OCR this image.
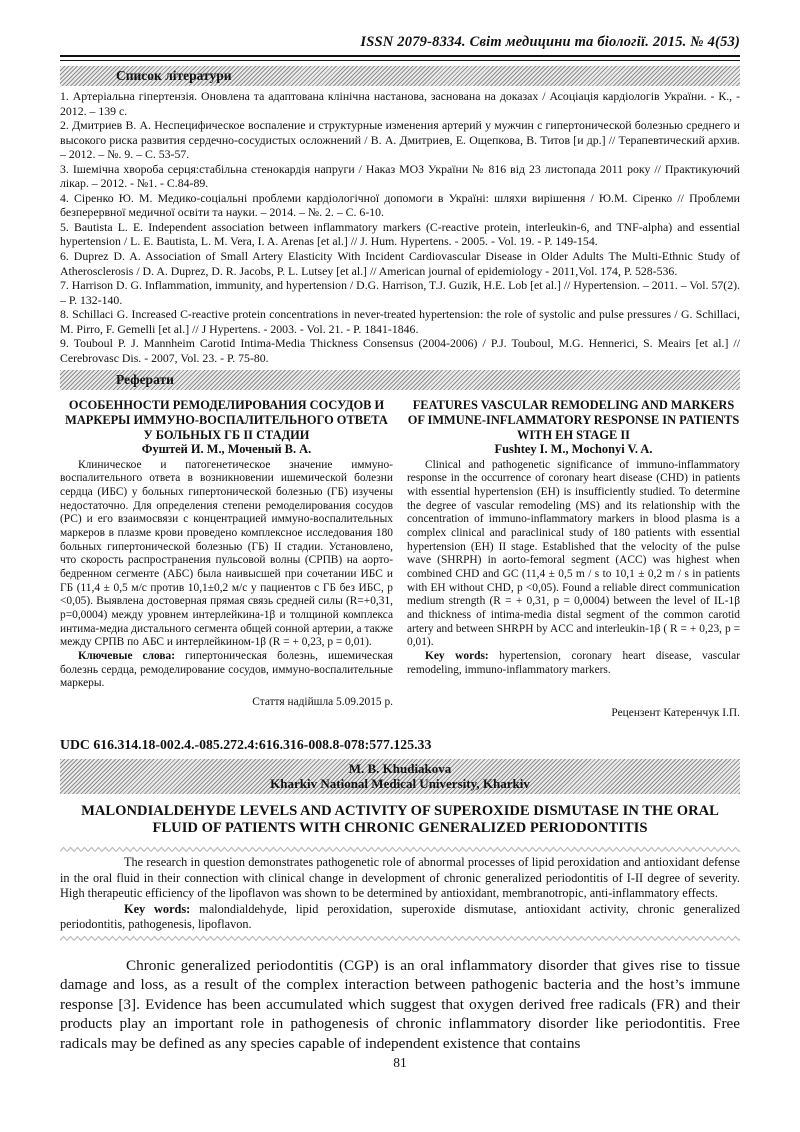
ISSN 2079-8334. Світ медицини та біології. 2015. № 4(53)
Список літератури

1. Артеріальна гіпертензія. Оновлена та адаптована клінічна настанова, заснована на доказах / Асоціація кардіологів України. - К., - 2012. – 139 с.

2. Дмитриев В. А. Неспецифическое воспаление и структурные изменения артерий у мужчин с гипертонической болезнью среднего и высокого риска развития сердечно-сосудистых осложнений / В. А. Дмитриев, Е. Ощепкова, В. Титов [и др.] // Терапевтический архив. – 2012. – №. 9. – С. 53-57.

3. Ішемічна хвороба серця:стабільна стенокардія напруги / Наказ МОЗ України № 816 від 23 листопада 2011 року // Практикуючий лікар. – 2012. - №1. - С.84-89.

4. Сіренко Ю. М. Медико-соціальні проблеми кардіологічної допомоги в Україні: шляхи вирішення / Ю.М. Сіренко // Проблеми безперервної медичної освіти та науки. – 2014. – №. 2. – С. 6-10.

5. Bautista L. E. Independent association between inflammatory markers (C-reactive protein, interleukin-6, and TNF-alpha) and essential hypertension / L. E. Bautista, L. M. Vera, I. A. Arenas [et al.] // J. Hum. Hypertens. - 2005. - Vol. 19. - P. 149-154.

6. Duprez D. A. Association of Small Artery Elasticity With Incident Cardiovascular Disease in Older Adults The Multi-Ethnic Study of Atherosclerosis / D. A. Duprez, D. R. Jacobs, P. L. Lutsey [et al.] // American journal of epidemiology - 2011,Vol. 174, P. 528-536.

7. Harrison D. G. Inflammation, immunity, and hypertension / D.G. Harrison, T.J. Guzik, H.E. Lob [et al.] // Hypertension. – 2011. – Vol. 57(2). – P. 132-140.

8. Schillaci G. Increased C-reactive protein concentrations in never-treated hypertension: the role of systolic and pulse pressures / G. Schillaci, M. Pirro, F. Gemelli [et al.] // J Hypertens. - 2003. - Vol. 21. - P. 1841-1846.

9. Touboul P. J. Mannheim Carotid Intima-Media Thickness Consensus (2004-2006) / P.J. Touboul, M.G. Hennerici, S. Meairs [et al.] // Cerebrovasc Dis. - 2007, Vol. 23. - P. 75-80.

Реферати
ОСОБЕННОСТИ РЕМОДЕЛИРОВАНИЯ СОСУДОВ И МАРКЕРЫ ИММУНО-ВОСПАЛИТЕЛЬНОГО ОТВЕТА У БОЛЬНЫХ ГБ II СТАДИИ
Фуштей И. М., Моченый В. А.
Клиническое и патогенетическое значение иммуно-воспалительного ответа в возникновении ишемической болезни сердца (ИБС) у больных гипертонической болезнью (ГБ) изучены недостаточно. Для определения степени ремоделирования сосудов (РС) и его взаимосвязи с концентрацией иммуно-воспалительных маркеров в плазме крови проведено комплексное исследования 180 больных гипертонической болезнью (ГБ) II стадии. Установлено, что скорость распространения пульсовой волны (СРПВ) на аорто-бедренном сегменте (АБС) была наивысшей при сочетании ИБС и ГБ (11,4 ± 0,5 м/с против 10,1±0,2 м/с у пациентов с ГБ без ИБС, p <0,05). Выявлена достоверная прямая связь средней силы (R=+0,31, p=0,0004) между уровнем интерлейкина-1β и толщиной комплекса интима-медиа дистального сегмента общей сонной артерии, а также между СРПВ по АБС и интерлейкином-1β (R = + 0,23, p = 0,01).
Ключевые слова: гипертоническая болезнь, ишемическая болезнь сердца, ремоделирование сосудов, иммуно-воспалительные маркеры.
Стаття надійшла 5.09.2015 р.
FEATURES VASCULAR REMODELING AND MARKERS OF IMMUNE-INFLAMMATORY RESPONSE IN PATIENTS WITH EH STAGE II
Fushtey I. M., Mochonyi V. A.
Clinical and pathogenetic significance of immuno-inflammatory response in the occurrence of coronary heart disease (CHD) in patients with essential hypertension (EH) is insufficiently studied. To determine the degree of vascular remodeling (MS) and its relationship with the concentration of immuno-inflammatory markers in blood plasma is a complex clinical and paraclinical study of 180 patients with essential hypertension (EH) II stage. Established that the velocity of the pulse wave (SHRPH) in aorto-femoral segment (ACC) was highest when combined CHD and GC (11,4 ± 0,5 m / s to 10,1 ± 0,2 m / s in patients with EH without CHD, p <0,05). Found a reliable direct communication medium strength (R = + 0,31, p = 0,0004) between the level of IL-1β and thickness of intima-media distal segment of the common carotid artery and between SHRPH by ACC and interleukin-1β ( R = + 0,23, p = 0,01).
Key words: hypertension, coronary heart disease, vascular remodeling, immuno-inflammatory markers.
Рецензент Катеренчук І.П.
UDC 616.314.18-002.4.-085.272.4:616.316-008.8-078:577.125.33
M. B. Khudiakova
Kharkiv National Medical University, Kharkiv
MALONDIALDEHYDE LEVELS AND ACTIVITY OF SUPEROXIDE DISMUTASE IN THE ORAL FLUID OF PATIENTS WITH CHRONIC GENERALIZED PERIODONTITIS

The research in question demonstrates pathogenetic role of abnormal processes of lipid peroxidation and antioxidant defense in the oral fluid in their connection with clinical change in development of chronic generalized periodontitis of I-II degree of severity. High therapeutic efficiency of the lipoflavon was shown to be determined by antioxidant, membranotropic, anti-inflammatory effects.

Key words: malondialdehyde, lipid peroxidation, superoxide dismutase, antioxidant activity, chronic generalized periodontitis, pathogenesis, lipoflavon.

Chronic generalized periodontitis (CGP) is an oral inflammatory disorder that gives rise to tissue damage and loss, as a result of the complex interaction between pathogenic bacteria and the host’s immune response [3]. Evidence has been accumulated which suggest that oxygen derived free radicals (FR) and their products play an important role in pathogenesis of chronic inflammatory disorder like periodontitis. Free radicals may be defined as any species capable of independent existence that contains
81
